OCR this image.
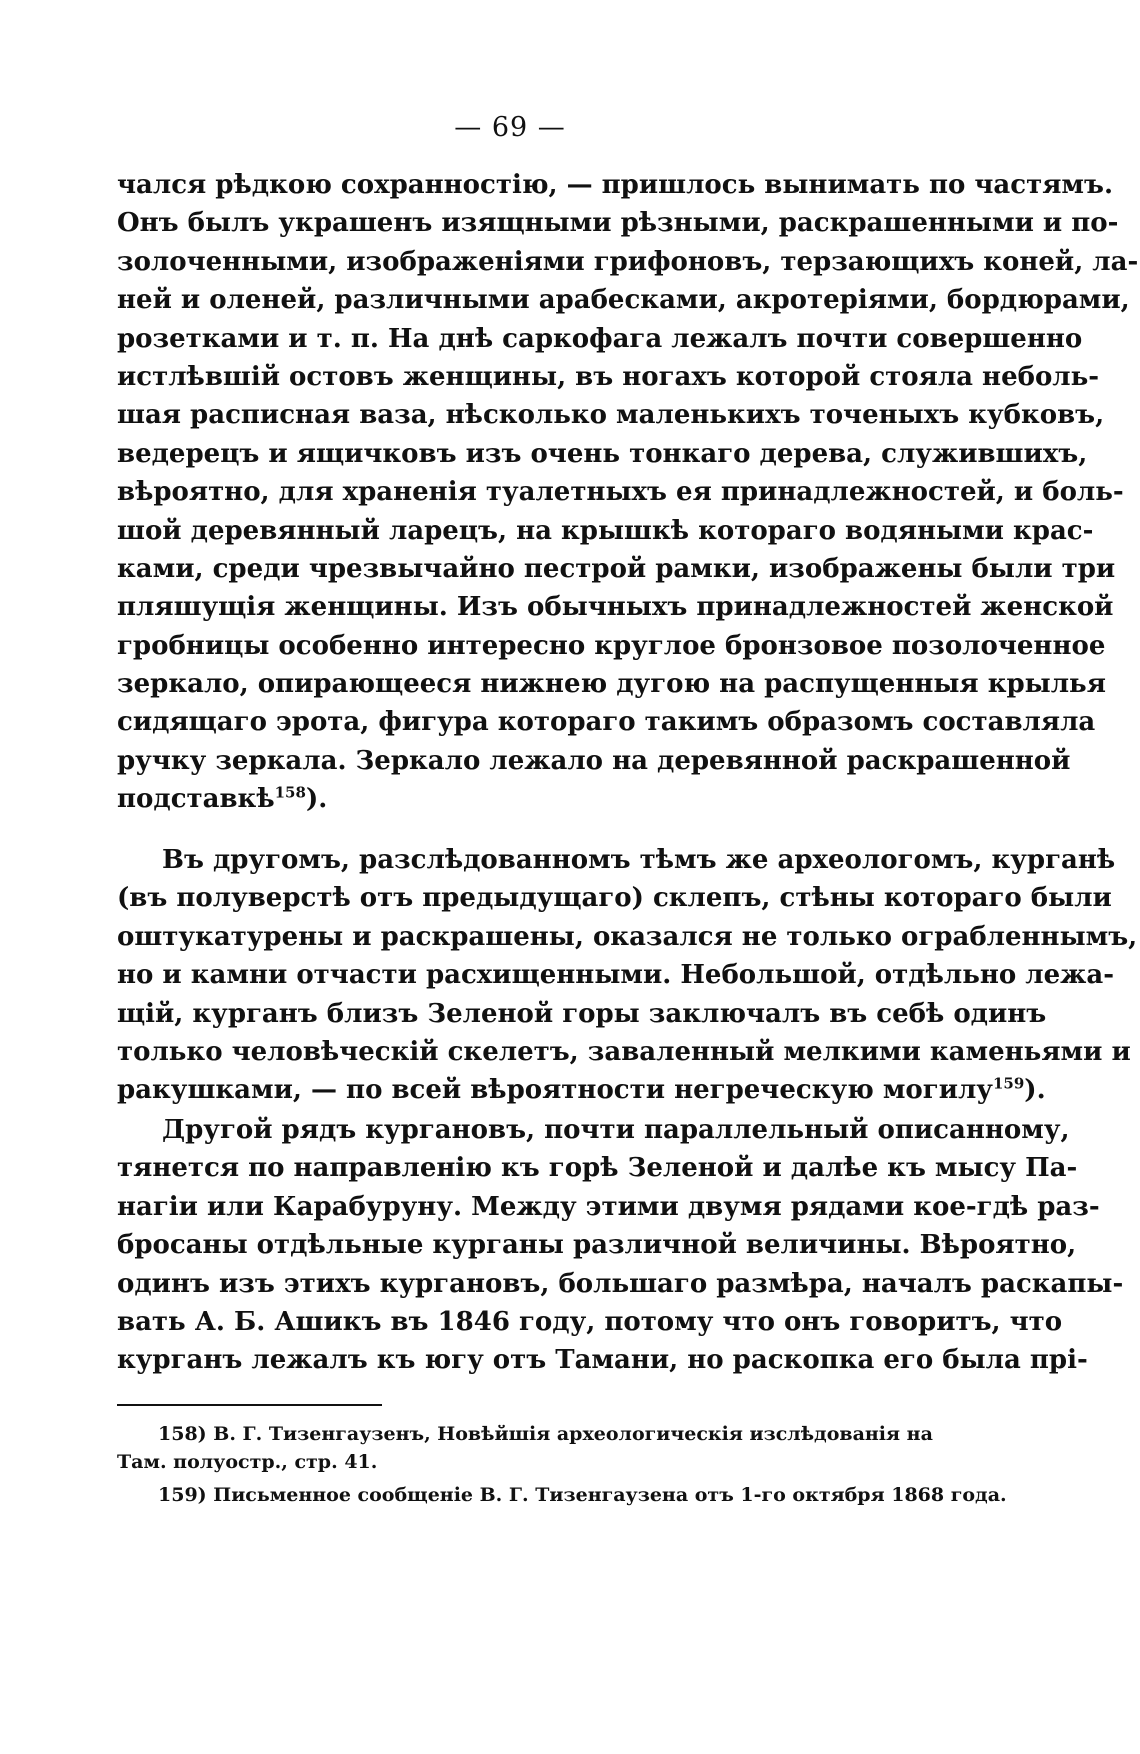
— 69 —
чался рѣдкою сохранностію, — пришлось вынимать по частямъ.
Онъ былъ украшенъ изящными рѣзными, раскрашенными и по-
золоченными, изображеніями грифоновъ, терзающихъ коней, ла-
ней и оленей, различными арабесками, акротеріями, бордюрами,
розетками и т. п. На днѣ саркофага лежалъ почти совершенно
истлѣвшій остовъ женщины, въ ногахъ которой стояла неболь-
шая расписная ваза, нѣсколько маленькихъ точеныхъ кубковъ,
ведерецъ и ящичковъ изъ очень тонкаго дерева, служившихъ,
вѣроятно, для храненія туалетныхъ ея принадлежностей, и боль-
шой деревянный ларецъ, на крышкѣ котораго водяными крас-
ками, среди чрезвычайно пестрой рамки, изображены были три
пляшущія женщины. Изъ обычныхъ принадлежностей женской
гробницы особенно интересно круглое бронзовое позолоченное
зеркало, опирающееся нижнею дугою на распущенныя крылья
сидящаго эрота, фигура котораго такимъ образомъ составляла
ручку зеркала. Зеркало лежало на деревянной раскрашенной
подставкѣ$^{158}$).
Въ другомъ, разслѣдованномъ тѣмъ же археологомъ, курганѣ
(въ полуверстѣ отъ предыдущаго) склепъ, стѣны котораго были
оштукатурены и раскрашены, оказался не только ограбленнымъ,
но и камни отчасти расхищенными. Небольшой, отдѣльно лежа-
щій, курганъ близъ Зеленой горы заключалъ въ себѣ одинъ
только человѣческій скелетъ, заваленный мелкими каменьями и
ракушками, — по всей вѣроятности негреческую могилу$^{159}$).
Другой рядъ кургановъ, почти параллельный описанному,
тянется по направленію къ горѣ Зеленой и далѣе къ мысу Па-
нагіи или Карабуруну. Между этими двумя рядами кое-гдѣ раз-
бросаны отдѣльные курганы различной величины. Вѣроятно,
одинъ изъ этихъ кургановъ, большаго размѣра, началъ раскапы-
вать А. Б. Ашикъ въ 1846 году, потому что онъ говоритъ, что
курганъ лежалъ къ югу отъ Тамани, но раскопка его была прі-
158) В. Г. Тизенгаузенъ, Новѣйшія археологическія изслѣдованія на
Там. полуостр., стр. 41.
159) Письменное сообщеніе В. Г. Тизенгаузена отъ 1-го октября 1868 года.
